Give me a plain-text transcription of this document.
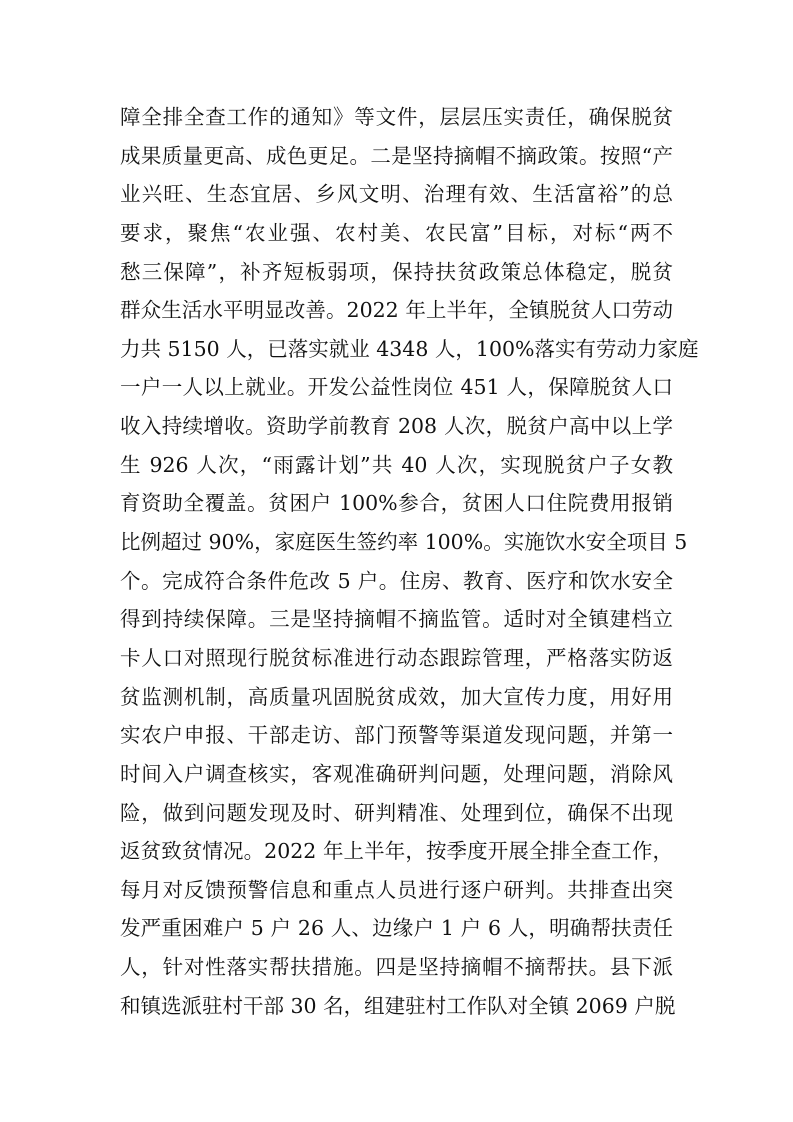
障全排全查工作的通知》等文件，层层压实责任，确保脱贫
成果质量更高、成色更足。二是坚持摘帽不摘政策。按照“产
业兴旺、生态宜居、乡风文明、治理有效、生活富裕”的总
要求，聚焦“农业强、农村美、农民富”目标，对标“两不
愁三保障”，补齐短板弱项，保持扶贫政策总体稳定，脱贫
群众生活水平明显改善。2022 年上半年，全镇脱贫人口劳动
力共 5150 人，已落实就业 4348 人，100%落实有劳动力家庭
一户一人以上就业。开发公益性岗位 451 人，保障脱贫人口
收入持续增收。资助学前教育 208 人次，脱贫户高中以上学
生 926 人次，“雨露计划”共 40 人次，实现脱贫户子女教
育资助全覆盖。贫困户 100%参合，贫困人口住院费用报销
比例超过 90%，家庭医生签约率 100%。实施饮水安全项目 5
个。完成符合条件危改 5 户。住房、教育、医疗和饮水安全
得到持续保障。三是坚持摘帽不摘监管。适时对全镇建档立
卡人口对照现行脱贫标准进行动态跟踪管理，严格落实防返
贫监测机制，高质量巩固脱贫成效，加大宣传力度，用好用
实农户申报、干部走访、部门预警等渠道发现问题，并第一
时间入户调查核实，客观准确研判问题，处理问题，消除风
险，做到问题发现及时、研判精准、处理到位，确保不出现
返贫致贫情况。2022 年上半年，按季度开展全排全查工作，
每月对反馈预警信息和重点人员进行逐户研判。共排查出突
发严重困难户 5 户 26 人、边缘户 1 户 6 人，明确帮扶责任
人，针对性落实帮扶措施。四是坚持摘帽不摘帮扶。县下派
和镇选派驻村干部 30 名，组建驻村工作队对全镇 2069 户脱
